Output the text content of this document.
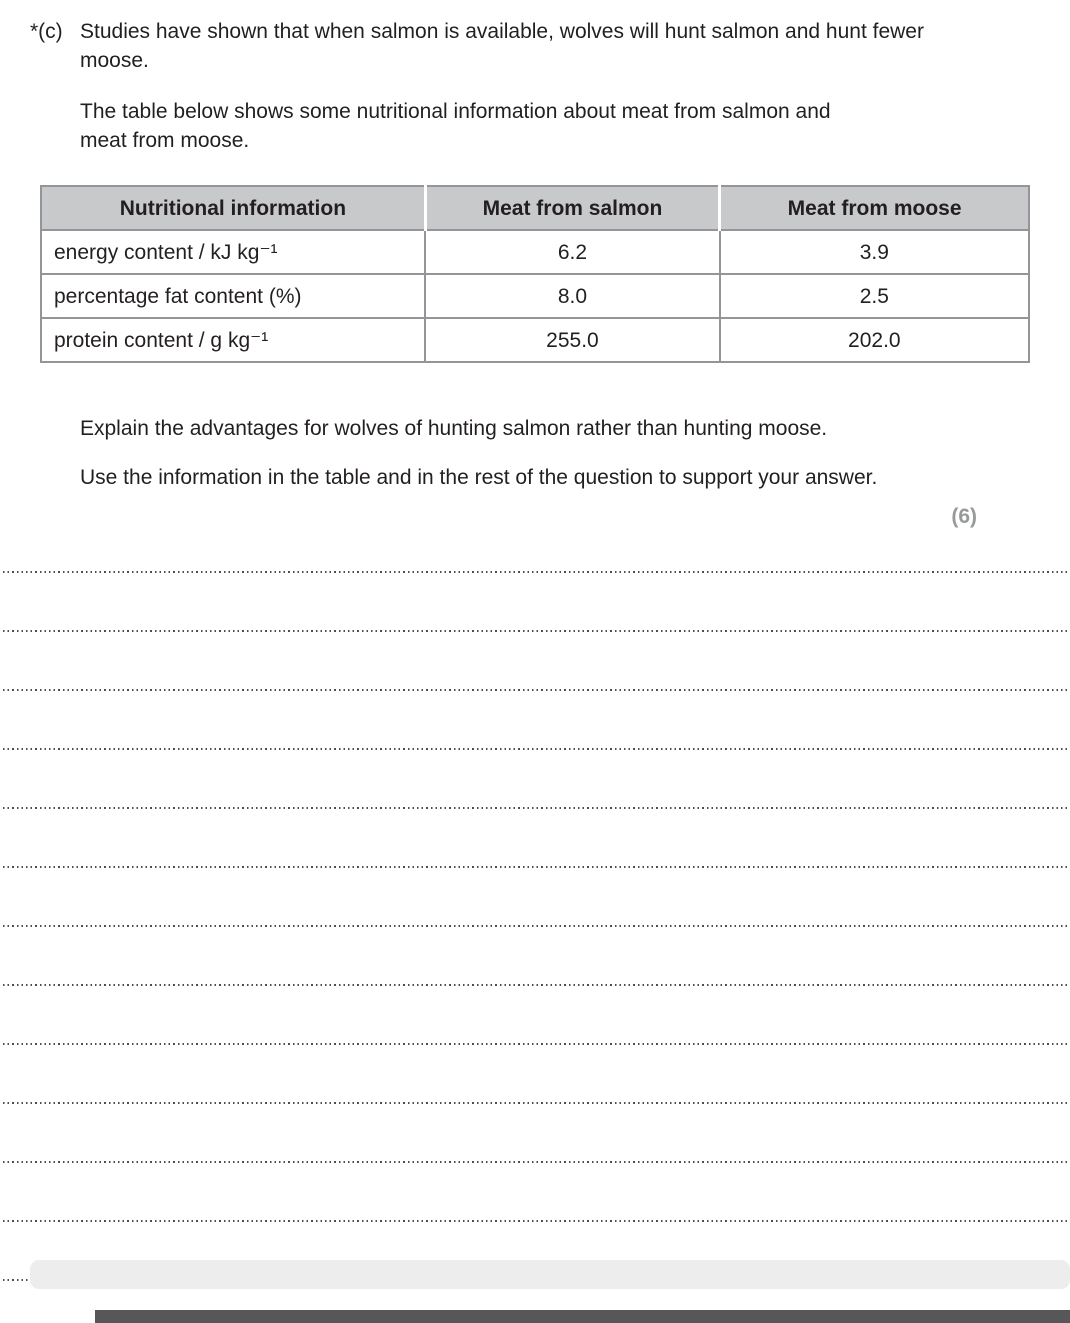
*(c) Studies have shown that when salmon is available, wolves will hunt salmon and hunt fewer moose.

The table below shows some nutritional information about meat from salmon and meat from moose.

Nutritional information	Meat from salmon	Meat from moose
energy content / kJ kg⁻¹	6.2	3.9
percentage fat content (%)	8.0	2.5
protein content / g kg⁻¹	255.0	202.0

Explain the advantages for wolves of hunting salmon rather than hunting moose.

Use the information in the table and in the rest of the question to support your answer.

(6)
